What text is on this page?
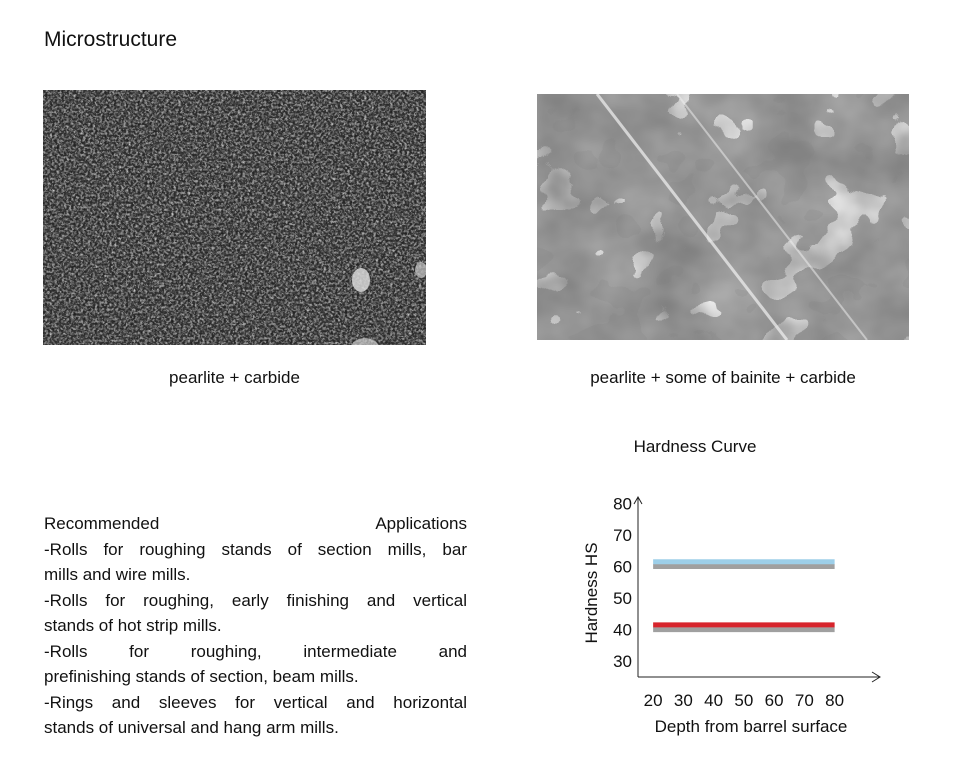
Microstructure
pearlite + carbide	pearlite + some of bainite + carbide
Recommended Applications
-Rolls for roughing stands of section mills, bar
mills and wire mills.
-Rolls for roughing, early finishing and vertical
stands of hot strip mills.
-Rolls for roughing, intermediate and
prefinishing stands of section, beam mills.
-Rings and sleeves for vertical and horizontal
stands of universal and hang arm mills.
Hardness Curve
Hardness HS
Depth from barrel surface
30
40
50
60
70
80
20 30 40 50 60 70 80
